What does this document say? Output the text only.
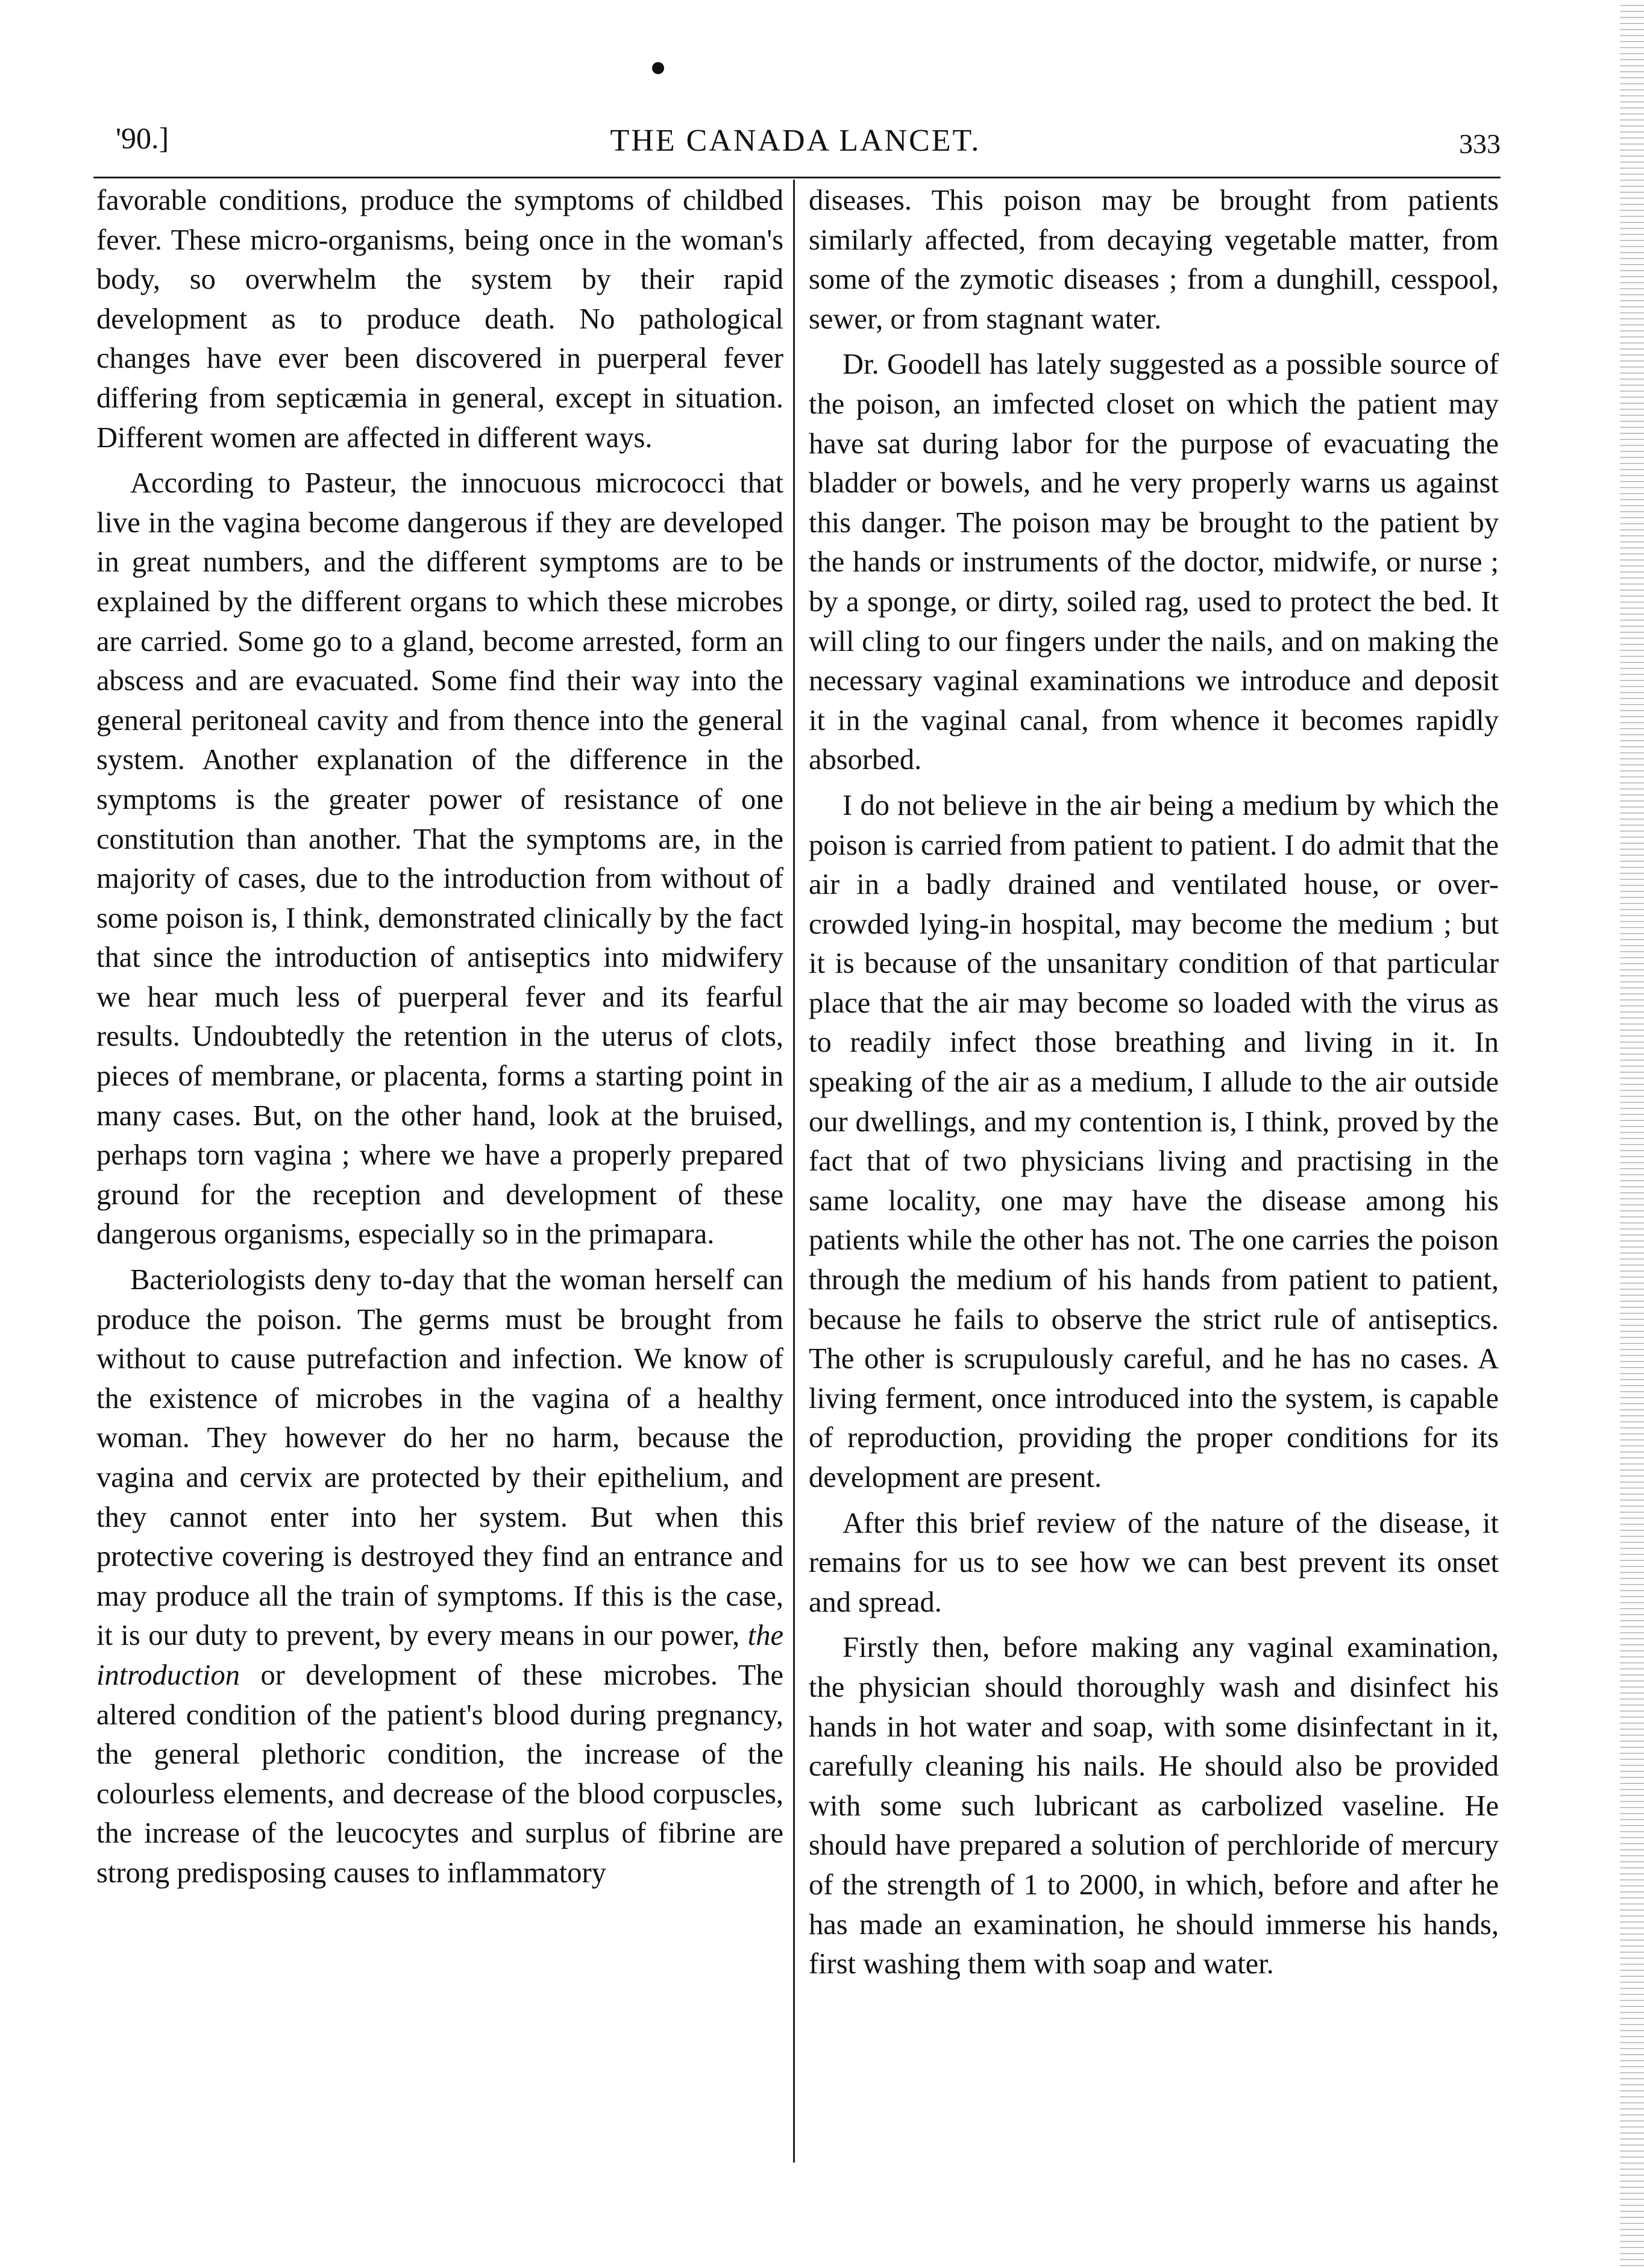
'90.]	THE CANADA LANCET.	333

favorable conditions, produce the symptoms of childbed fever. These micro-organisms, being once in the woman's body, so overwhelm the system by their rapid development as to produce death. No pathological changes have ever been discovered in puerperal fever differing from septicæmia in general, except in situation. Different women are affected in different ways.

According to Pasteur, the innocuous micrococci that live in the vagina become dangerous if they are developed in great numbers, and the different symptoms are to be explained by the different organs to which these microbes are carried. Some go to a gland, become arrested, form an abscess and are evacuated. Some find their way into the general peritoneal cavity and from thence into the general system. Another explanation of the difference in the symptoms is the greater power of resistance of one constitution than another. That the symptoms are, in the majority of cases, due to the introduction from without of some poison is, I think, demonstrated clinically by the fact that since the introduction of antiseptics into midwifery we hear much less of puerperal fever and its fearful results. Undoubtedly the retention in the uterus of clots, pieces of membrane, or placenta, forms a starting point in many cases. But, on the other hand, look at the bruised, perhaps torn vagina ; where we have a properly prepared ground for the reception and development of these dangerous organisms, especially so in the primapara.

Bacteriologists deny to-day that the woman herself can produce the poison. The germs must be brought from without to cause putrefaction and infection. We know of the existence of microbes in the vagina of a healthy woman. They however do her no harm, because the vagina and cervix are protected by their epithelium, and they cannot enter into her system. But when this protective covering is destroyed they find an entrance and may produce all the train of symptoms. If this is the case, it is our duty to prevent, by every means in our power, the introduction or development of these microbes. The altered condition of the patient's blood during pregnancy, the general plethoric condition, the increase of the colourless elements, and decrease of the blood corpuscles, the increase of the leucocytes and surplus of fibrine are strong predisposing causes to inflammatory

diseases. This poison may be brought from patients similarly affected, from decaying vegetable matter, from some of the zymotic diseases ; from a dunghill, cesspool, sewer, or from stagnant water.

Dr. Goodell has lately suggested as a possible source of the poison, an imfected closet on which the patient may have sat during labor for the purpose of evacuating the bladder or bowels, and he very properly warns us against this danger. The poison may be brought to the patient by the hands or instruments of the doctor, midwife, or nurse ; by a sponge, or dirty, soiled rag, used to protect the bed. It will cling to our fingers under the nails, and on making the necessary vaginal examinations we introduce and deposit it in the vaginal canal, from whence it becomes rapidly absorbed.

I do not believe in the air being a medium by which the poison is carried from patient to patient. I do admit that the air in a badly drained and ventilated house, or over-crowded lying-in hospital, may become the medium ; but it is because of the unsanitary condition of that particular place that the air may become so loaded with the virus as to readily infect those breathing and living in it. In speaking of the air as a medium, I allude to the air outside our dwellings, and my contention is, I think, proved by the fact that of two physicians living and practising in the same locality, one may have the disease among his patients while the other has not. The one carries the poison through the medium of his hands from patient to patient, because he fails to observe the strict rule of antiseptics. The other is scrupulously careful, and he has no cases. A living ferment, once introduced into the system, is capable of reproduction, providing the proper conditions for its development are present.

After this brief review of the nature of the disease, it remains for us to see how we can best prevent its onset and spread.

Firstly then, before making any vaginal examination, the physician should thoroughly wash and disinfect his hands in hot water and soap, with some disinfectant in it, carefully cleaning his nails. He should also be provided with some such lubricant as carbolized vaseline. He should have prepared a solution of perchloride of mercury of the strength of 1 to 2000, in which, before and after he has made an examination, he should immerse his hands, first washing them with soap and water.
